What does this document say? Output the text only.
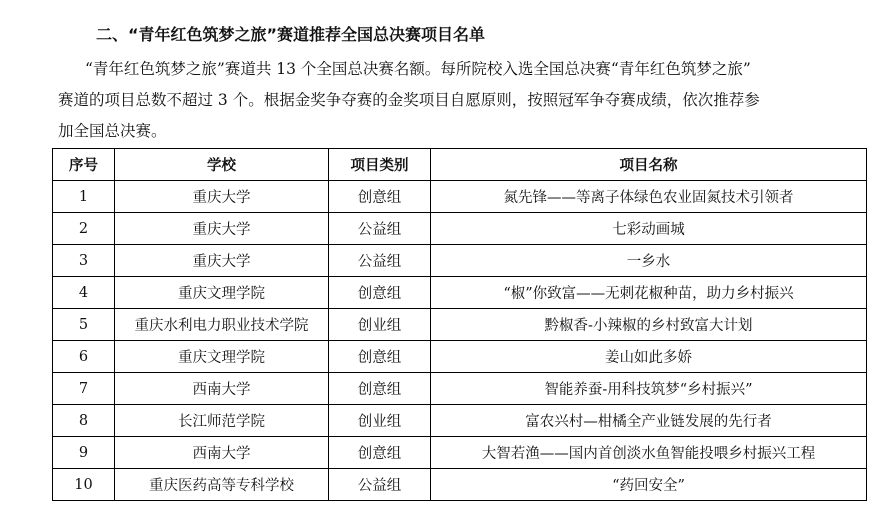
二、“青年红色筑梦之旅”赛道推荐全国总决赛项目名单
“青年红色筑梦之旅”赛道共 13 个全国总决赛名额。每所院校入选全国总决赛“青年红色筑梦之旅”
赛道的项目总数不超过 3 个。根据金奖争夺赛的金奖项目自愿原则，按照冠军争夺赛成绩，依次推荐参
加全国总决赛。
序号	学校	项目类别	项目名称
1	重庆大学	创意组	氮先锋——等离子体绿色农业固氮技术引领者
2	重庆大学	公益组	七彩动画城
3	重庆大学	公益组	一乡水
4	重庆文理学院	创意组	“椒”你致富——无刺花椒种苗，助力乡村振兴
5	重庆水利电力职业技术学院	创业组	黔椒香-小辣椒的乡村致富大计划
6	重庆文理学院	创意组	姜山如此多娇
7	西南大学	创意组	智能养蚕-用科技筑梦“乡村振兴”
8	长江师范学院	创业组	富农兴村—柑橘全产业链发展的先行者
9	西南大学	创意组	大智若渔——国内首创淡水鱼智能投喂乡村振兴工程
10	重庆医药高等专科学校	公益组	“药回安全”
